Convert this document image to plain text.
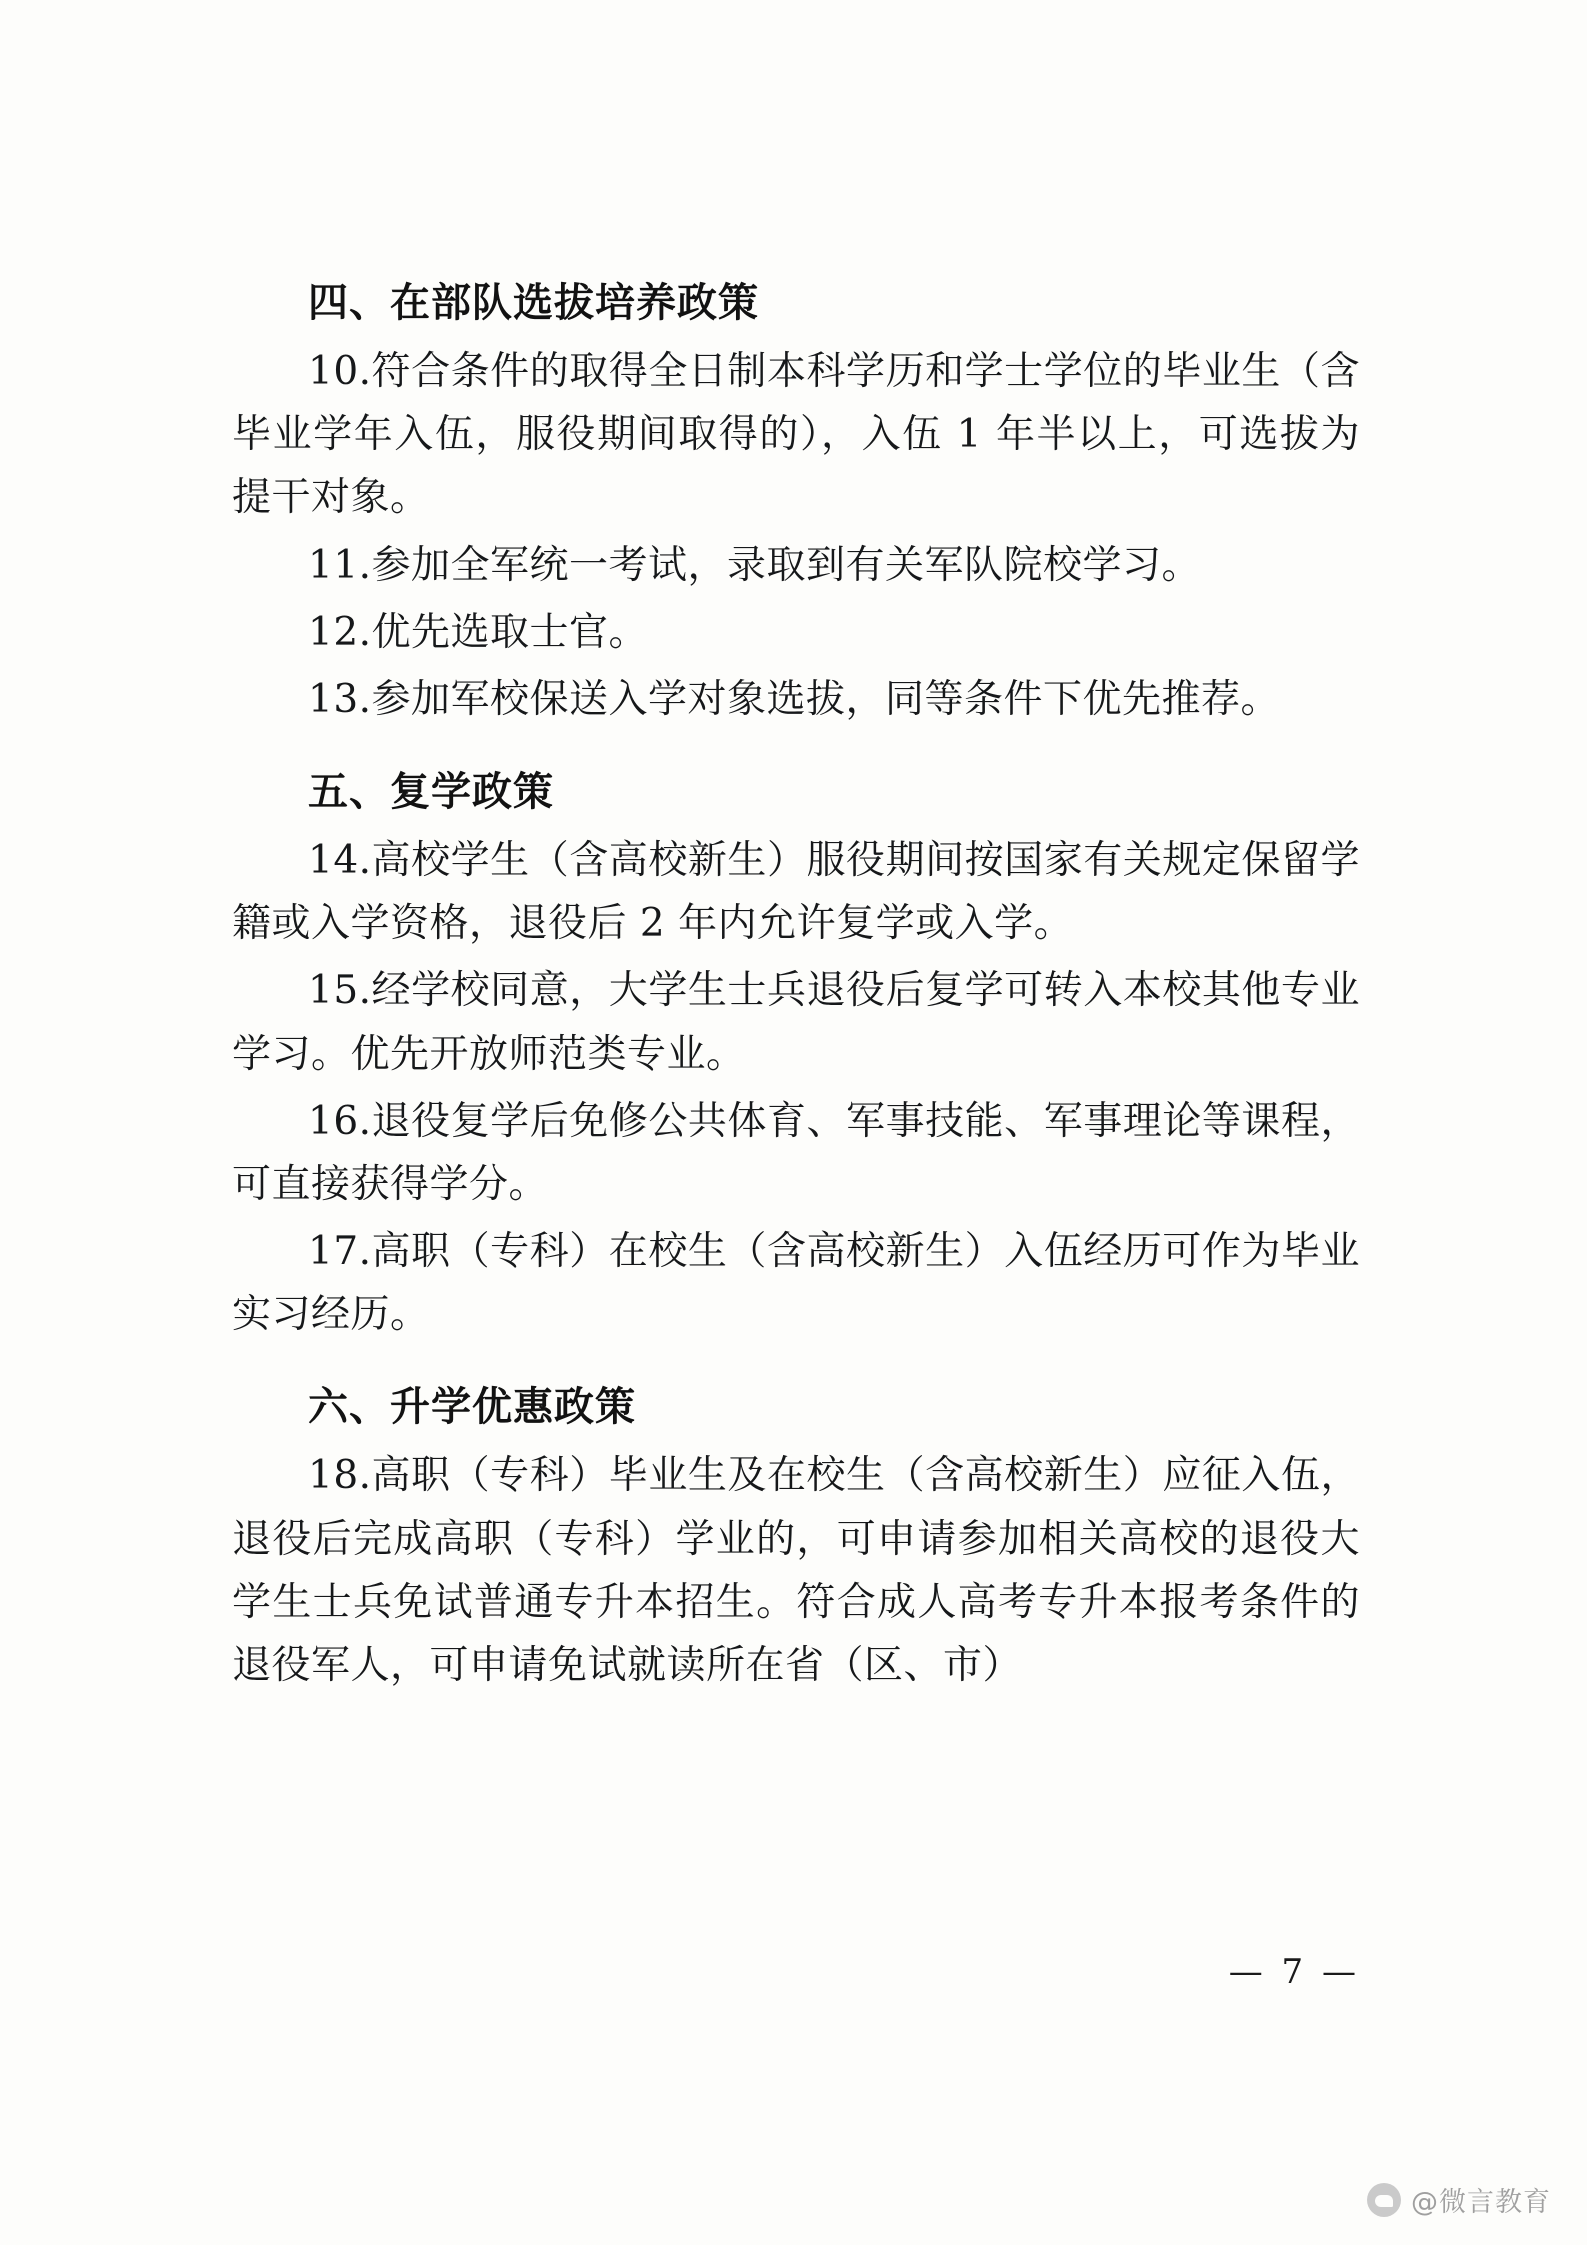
四、在部队选拔培养政策

10.符合条件的取得全日制本科学历和学士学位的毕业生（含毕业学年入伍，服役期间取得的），入伍 1 年半以上，可选拔为提干对象。

11.参加全军统一考试，录取到有关军队院校学习。

12.优先选取士官。

13.参加军校保送入学对象选拔，同等条件下优先推荐。

五、复学政策

14.高校学生（含高校新生）服役期间按国家有关规定保留学籍或入学资格，退役后 2 年内允许复学或入学。

15.经学校同意，大学生士兵退役后复学可转入本校其他专业学习。优先开放师范类专业。

16.退役复学后免修公共体育、军事技能、军事理论等课程，可直接获得学分。

17.高职（专科）在校生（含高校新生）入伍经历可作为毕业实习经历。

六、升学优惠政策

18.高职（专科）毕业生及在校生（含高校新生）应征入伍，退役后完成高职（专科）学业的，可申请参加相关高校的退役大学生士兵免试普通专升本招生。符合成人高考专升本报考条件的退役军人，可申请免试就读所在省（区、市）

— 7 —
@微言教育
